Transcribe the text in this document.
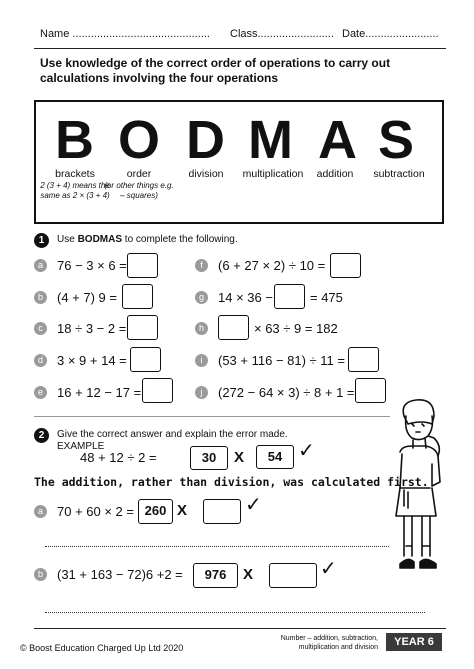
Name ............................................. Class......................... Date........................
Use knowledge of the correct order of operations to carry out calculations involving the four operations
B O D M A S
brackets
2 (3 + 4) means the same as 2 × (3 + 4)
order
(or other things e.g. – squares)
division	multiplication	addition	subtraction
1	Use BODMAS to complete the following.
a	76 − 3 × 6 =
b	(4 + 7) 9 =
c	18 ÷ 3 − 2 =
d	3 × 9 + 14 =
e	16 + 12 − 17 =
f	(6 + 27 × 2) ÷ 10 =
g	14 × 36 −	= 475
h	× 63 ÷ 9 = 182
i	(53 + 116 − 81) ÷ 11 =
j	(272 − 64 × 3) ÷ 8 + 1 =
2	Give the correct answer and explain the error made.
EXAMPLE
48 + 12 ÷ 2 =	30	X	54 ✓
The addition, rather than division, was calculated first.
a	70 + 60 × 2 = 260 X	✓
b	(31 + 163 − 72)6 +2 =	976	X	✓
© Boost Education Charged Up Ltd 2020
Number – addition, subtraction, multiplication and division	YEAR 6
